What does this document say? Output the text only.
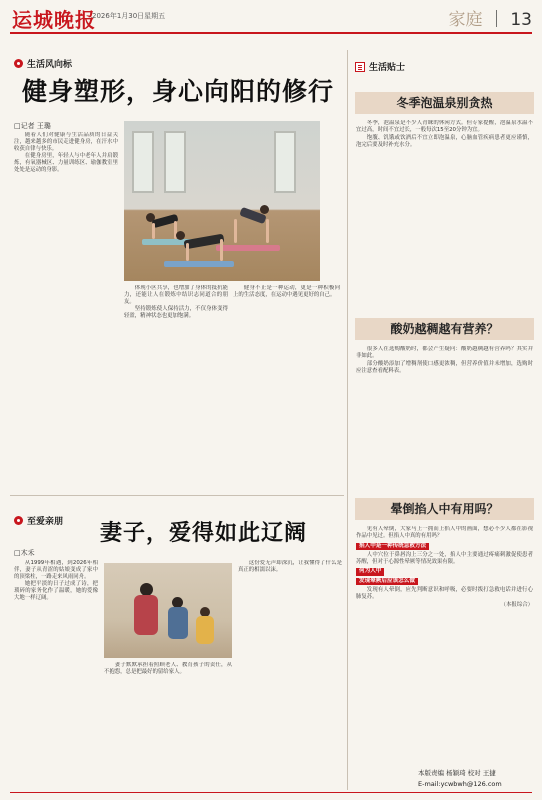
运城晚报
2026年1月30日星期五	家庭 ｜ 13
生活风向标
健身塑形，身心向阳的修行
□记者 王璐

随着人们对健康与生活品质的日益关注，越来越多的市民走进健身房，在汗水中收获自律与快乐。

在健身房里，年轻人与中老年人并肩锻炼，有氧器械区、力量训练区、瑜伽教室里处处是运动的身影。

体现小区共享，也增加了身体的抵抗能力，还能让人在锻炼中结识志同道合的朋友。

坚持锻炼使人保持活力，不仅身体变得轻盈，精神状态也更加饱满。

健身不止是一种运动，更是一种积极向上的生活态度，在运动中遇见更好的自己。

至爱亲朋 妻子，爱得如此辽阔
□木禾

从1999年相遇，到2026年相伴，妻子从青涩的姑娘变成了家中的顶梁柱，一路走来风雨同舟。

她把平淡的日子过成了诗，把琐碎的家务化作了温暖，她的爱像大地一样辽阔。

妻子默默承担着照顾老人、教育孩子的责任，从不抱怨，总是把最好的留给家人。

这份爱无声却深沉，让我懂得了什么是真正的相濡以沫。

生活贴士
冬季泡温泉别贪热

冬季，泡温泉是不少人青睐的休闲方式。但专家提醒，泡温泉水温不宜过高，时间不宜过长，一般每次15至20分钟为宜。

饱腹、饥饿或饮酒后不宜立即泡温泉，心脑血管疾病患者更应谨慎，泡完后要及时补充水分。

酸奶越稠越有营养？

很多人在选购酸奶时，都会产生疑问：酸奶越稠越有营养吗？其实并非如此。

部分酸奶添加了增稠剂使口感更浓稠，但营养价值并未增加，选购时应注意查看配料表。

晕倒掐人中有用吗？

见有人晕倒，大家马上一拥而上掐人中的画面，想必不少人都在影视作品中见过。但掐人中真的有用吗？

掐人中是一种传统急救方法

人中穴位于鼻唇沟上三分之一处，掐人中主要通过疼痛刺激促使患者苏醒，但对于心源性晕厥等情况效果有限。

何为人中

发现晕厥后应该怎么做

发现有人晕倒，应先判断意识和呼吸，必要时拨打急救电话并进行心肺复苏。

（本报综合）

本版责编 杨颖琦 校对 王捷
E-mail:ycwbwh@126.com
